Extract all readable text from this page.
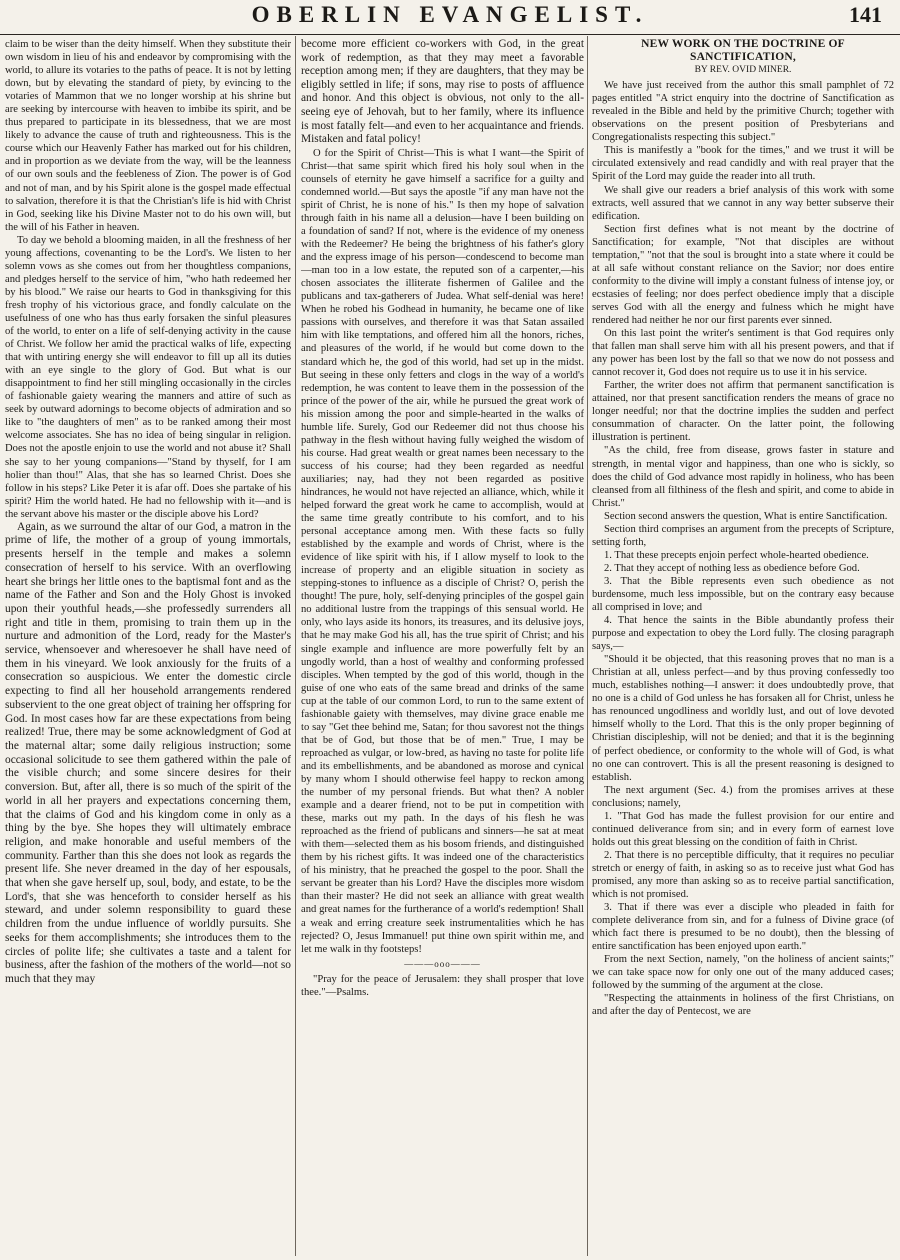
OBERLIN EVANGELIST.	141

claim to be wiser than the deity himself. When they substitute their own wisdom in lieu of his and endeavor by compromising with the world, to allure its votaries to the paths of peace. It is not by letting down, but by elevating the standard of piety, by evincing to the votaries of Mammon that we no longer worship at his shrine but are seeking by intercourse with heaven to imbibe its spirit, and be thus prepared to participate in its blessedness, that we are most likely to advance the cause of truth and righteousness. This is the course which our Heavenly Father has marked out for his children, and in proportion as we deviate from the way, will be the leanness of our own souls and the feebleness of Zion. The power is of God and not of man, and by his Spirit alone is the gospel made effectual to salvation, therefore it is that the Christian's life is hid with Christ in God, seeking like his Divine Master not to do his own will, but the will of his Father in heaven.

To day we behold a blooming maiden, in all the freshness of her young affections, covenanting to be the Lord's. We listen to her solemn vows as she comes out from her thoughtless companions, and pledges herself to the service of him, "who hath redeemed her by his blood." We raise our hearts to God in thanksgiving for this fresh trophy of his victorious grace, and fondly calculate on the usefulness of one who has thus early forsaken the sinful pleasures of the world, to enter on a life of self-denying activity in the cause of Christ. We follow her amid the practical walks of life, expecting that with untiring energy she will endeavor to fill up all its duties with an eye single to the glory of God. But what is our disappointment to find her still mingling occasionally in the circles of fashionable gaiety wearing the manners and attire of such as seek by outward adornings to become objects of admiration and so like to "the daughters of men" as to be ranked among their most welcome associates. She has no idea of being singular in religion. Does not the apostle enjoin to use the world and not abuse it? Shall she say to her young companions—"Stand by thyself, for I am holier than thou!" Alas, that she has so learned Christ. Does she follow in his steps? Like Peter it is afar off. Does she partake of his spirit? Him the world hated. He had no fellowship with it—and is the servant above his master or the disciple above his Lord?

Again, as we surround the altar of our God, a matron in the prime of life, the mother of a group of young immortals, presents herself in the temple and makes a solemn consecration of herself to his service. With an overflowing heart she brings her little ones to the baptismal font and as the name of the Father and Son and the Holy Ghost is invoked upon their youthful heads,—she professedly surrenders all right and title in them, promising to train them up in the nurture and admonition of the Lord, ready for the Master's service, whensoever and wheresoever he shall have need of them in his vineyard. We look anxiously for the fruits of a consecration so auspicious. We enter the domestic circle expecting to find all her household arrangements rendered subservient to the one great object of training her offspring for God. In most cases how far are these expectations from being realized! True, there may be some acknowledgment of God at the maternal altar; some daily religious instruction; some occasional solicitude to see them gathered within the pale of the visible church; and some sincere desires for their conversion. But, after all, there is so much of the spirit of the world in all her prayers and expectations concerning them, that the claims of God and his kingdom come in only as a thing by the bye. She hopes they will ultimately embrace religion, and make honorable and useful members of the community. Farther than this she does not look as regards the present life. She never dreamed in the day of her espousals, that when she gave herself up, soul, body, and estate, to be the Lord's, that she was henceforth to consider herself as his steward, and under solemn responsibility to guard these children from the undue influence of worldly pursuits. She seeks for them accomplishments; she introduces them to the circles of polite life; she cultivates a taste and a talent for business, after the fashion of the mothers of the world—not so much that they may

become more efficient co-workers with God, in the great work of redemption, as that they may meet a favorable reception among men; if they are daughters, that they may be eligibly settled in life; if sons, may rise to posts of affluence and honor. And this object is obvious, not only to the all-seeing eye of Jehovah, but to her family, where its influence is most fatally felt—and even to her acquaintance and friends. Mistaken and fatal policy!

O for the Spirit of Christ—This is what I want—the Spirit of Christ—that same spirit which fired his holy soul when in the counsels of eternity he gave himself a sacrifice for a guilty and condemned world.—But says the apostle "if any man have not the spirit of Christ, he is none of his." Is then my hope of salvation through faith in his name all a delusion—have I been building on a foundation of sand? If not, where is the evidence of my oneness with the Redeemer? He being the brightness of his father's glory and the express image of his person—condescend to become man—man too in a low estate, the reputed son of a carpenter,—his chosen associates the illiterate fishermen of Galilee and the publicans and tax-gatherers of Judea. What self-denial was here! When he robed his Godhead in humanity, he became one of like passions with ourselves, and therefore it was that Satan assailed him with like temptations, and offered him all the honors, riches, and pleasures of the world, if he would but come down to the standard which he, the god of this world, had set up in the midst. But seeing in these only fetters and clogs in the way of a world's redemption, he was content to leave them in the possession of the prince of the power of the air, while he pursued the great work of his mission among the poor and simple-hearted in the walks of humble life. Surely, God our Redeemer did not thus choose his pathway in the flesh without having fully weighed the wisdom of his course. Had great wealth or great names been necessary to the success of his course; had they been regarded as needful auxiliaries; nay, had they not been regarded as positive hindrances, he would not have rejected an alliance, which, while it helped forward the great work he came to accomplish, would at the same time greatly contribute to his comfort, and to his personal acceptance among men. With these facts so fully established by the example and words of Christ, where is the evidence of like spirit with his, if I allow myself to look to the increase of property and an eligible situation in society as stepping-stones to influence as a disciple of Christ? O, perish the thought! The pure, holy, self-denying principles of the gospel gain no additional lustre from the trappings of this sensual world. He only, who lays aside its honors, its treasures, and its delusive joys, that he may make God his all, has the true spirit of Christ; and his single example and influence are more powerfully felt by an ungodly world, than a host of wealthy and conforming professed disciples. When tempted by the god of this world, though in the guise of one who eats of the same bread and drinks of the same cup at the table of our common Lord, to run to the same extent of fashionable gaiety with themselves, may divine grace enable me to say "Get thee behind me, Satan; for thou savorest not the things that be of God, but those that be of men." True, I may be reproached as vulgar, or low-bred, as having no taste for polite life and its embellishments, and be abandoned as morose and cynical by many whom I should otherwise feel happy to reckon among the number of my personal friends. But what then? A nobler example and a dearer friend, not to be put in competition with these, marks out my path. In the days of his flesh he was reproached as the friend of publicans and sinners—he sat at meat with them—selected them as his bosom friends, and distinguished them by his richest gifts. It was indeed one of the characteristics of his ministry, that he preached the gospel to the poor. Shall the servant be greater than his Lord? Have the disciples more wisdom than their master? He did not seek an alliance with great wealth and great names for the furtherance of a world's redemption! Shall a weak and erring creature seek instrumentalities which he has rejected? O, Jesus Immanuel! put thine own spirit within me, and let me walk in thy footsteps!

———ooo———

"Pray for the peace of Jerusalem: they shall prosper that love thee."—Psalms.

NEW WORK ON THE DOCTRINE OF SANCTIFICATION,

BY REV. OVID MINER.

We have just received from the author this small pamphlet of 72 pages entitled "A strict enquiry into the doctrine of Sanctification as revealed in the Bible and held by the primitive Church; together with observations on the present position of Presbyterians and Congregationalists respecting this subject."

This is manifestly a "book for the times," and we trust it will be circulated extensively and read candidly and with real prayer that the Spirit of the Lord may guide the reader into all truth.

We shall give our readers a brief analysis of this work with some extracts, well assured that we cannot in any way better subserve their edification.

Section first defines what is not meant by the doctrine of Sanctification; for example, "Not that disciples are without temptation," "not that the soul is brought into a state where it could be at all safe without constant reliance on the Savior; nor does entire conformity to the divine will imply a constant fulness of intense joy, or ecstasies of feeling; nor does perfect obedience imply that a disciple serves God with all the energy and fulness which he might have rendered had neither he nor our first parents ever sinned.

On this last point the writer's sentiment is that God requires only that fallen man shall serve him with all his present powers, and that if any power has been lost by the fall so that we now do not possess and cannot recover it, God does not require us to use it in his service.

Farther, the writer does not affirm that permanent sanctification is attained, nor that present sanctification renders the means of grace no longer needful; nor that the doctrine implies the sudden and perfect consummation of character. On the latter point, the following illustration is pertinent.

"As the child, free from disease, grows faster in stature and strength, in mental vigor and happiness, than one who is sickly, so does the child of God advance most rapidly in holiness, who has been cleansed from all filthiness of the flesh and spirit, and come to abide in Christ."

Section second answers the question, What is entire Sanctification.

Section third comprises an argument from the precepts of Scripture, setting forth,

1. That these precepts enjoin perfect whole-hearted obedience.

2. That they accept of nothing less as obedience before God.

3. That the Bible represents even such obedience as not burdensome, much less impossible, but on the contrary easy because all comprised in love; and

4. That hence the saints in the Bible abundantly profess their purpose and expectation to obey the Lord fully. The closing paragraph says,—

"Should it be objected, that this reasoning proves that no man is a Christian at all, unless perfect—and by thus proving confessedly too much, establishes nothing—I answer: it does undoubtedly prove, that no one is a child of God unless he has forsaken all for Christ, unless he has renounced ungodliness and worldly lust, and out of love devoted himself wholly to the Lord. That this is the only proper beginning of Christian discipleship, will not be denied; and that it is the beginning of perfect obedience, or conformity to the whole will of God, is what no one can controvert. This is all the present reasoning is designed to establish.

The next argument (Sec. 4.) from the promises arrives at these conclusions; namely,

1. "That God has made the fullest provision for our entire and continued deliverance from sin; and in every form of earnest love holds out this great blessing on the condition of faith in Christ.

2. That there is no perceptible difficulty, that it requires no peculiar stretch or energy of faith, in asking so as to receive just what God has promised, any more than asking so as to receive partial sanctification, which is not promised.

3. That if there was ever a disciple who pleaded in faith for complete deliverance from sin, and for a fulness of Divine grace (of which fact there is presumed to be no doubt), then the blessing of entire sanctification has been enjoyed upon earth."

From the next Section, namely, "on the holiness of ancient saints;" we can take space now for only one out of the many adduced cases; followed by the summing of the argument at the close.

"Respecting the attainments in holiness of the first Christians, on and after the day of Pentecost, we are
